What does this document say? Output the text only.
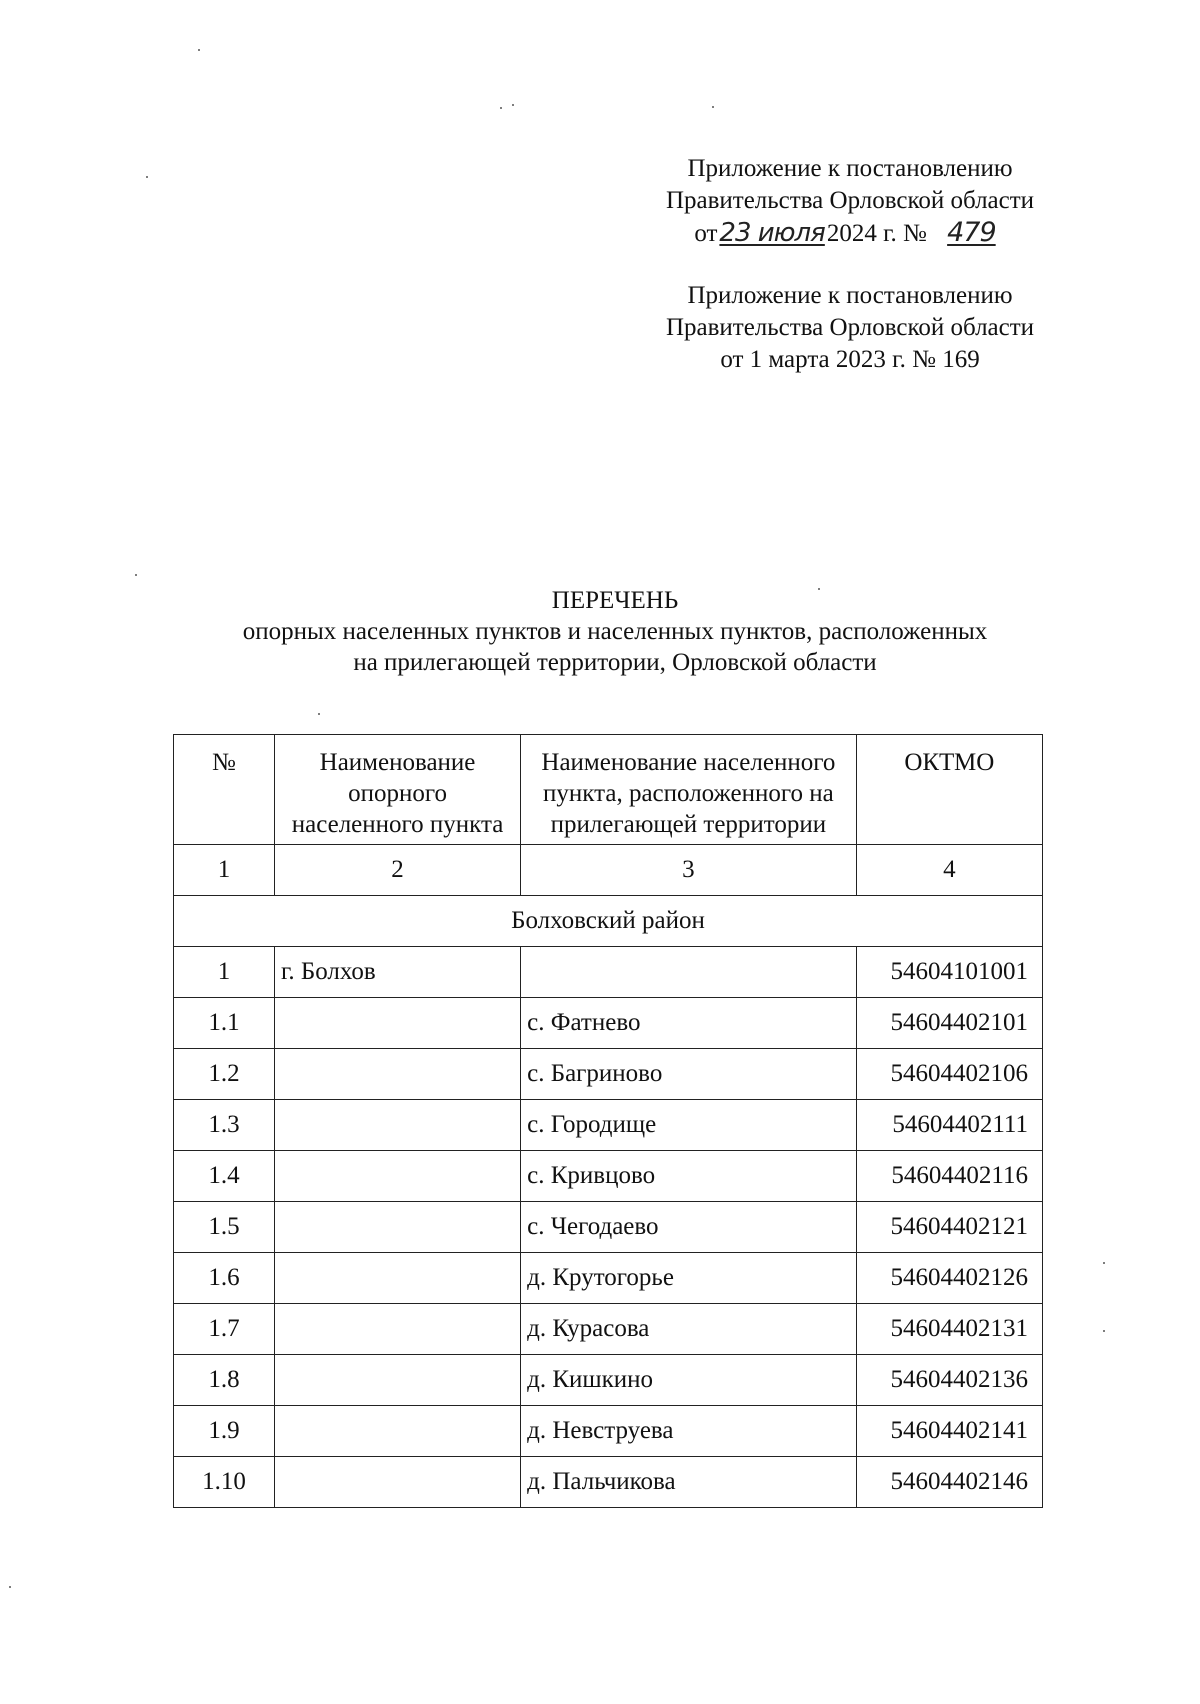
Приложение к постановлению
Правительства Орловской области
от23 июля2024 г. № 479
Приложение к постановлению
Правительства Орловской области
от 1 марта 2023 г. № 169
ПЕРЕЧЕНЬ
опорных населенных пунктов и населенных пунктов, расположенных
на прилегающей территории, Орловской области
№	Наименование опорного населенного пункта	Наименование населенного пункта, расположенного на прилегающей территории	ОКТМО
1	2	3	4
Болховский район			
1	г. Болхов		54604101001
1.1		с. Фатнево	54604402101
1.2		с. Багриново	54604402106
1.3		с. Городище	54604402111
1.4		с. Кривцово	54604402116
1.5		с. Чегодаево	54604402121
1.6		д. Крутогорье	54604402126
1.7		д. Курасова	54604402131
1.8		д. Кишкино	54604402136
1.9		д. Невструева	54604402141
1.10		д. Пальчикова	54604402146
